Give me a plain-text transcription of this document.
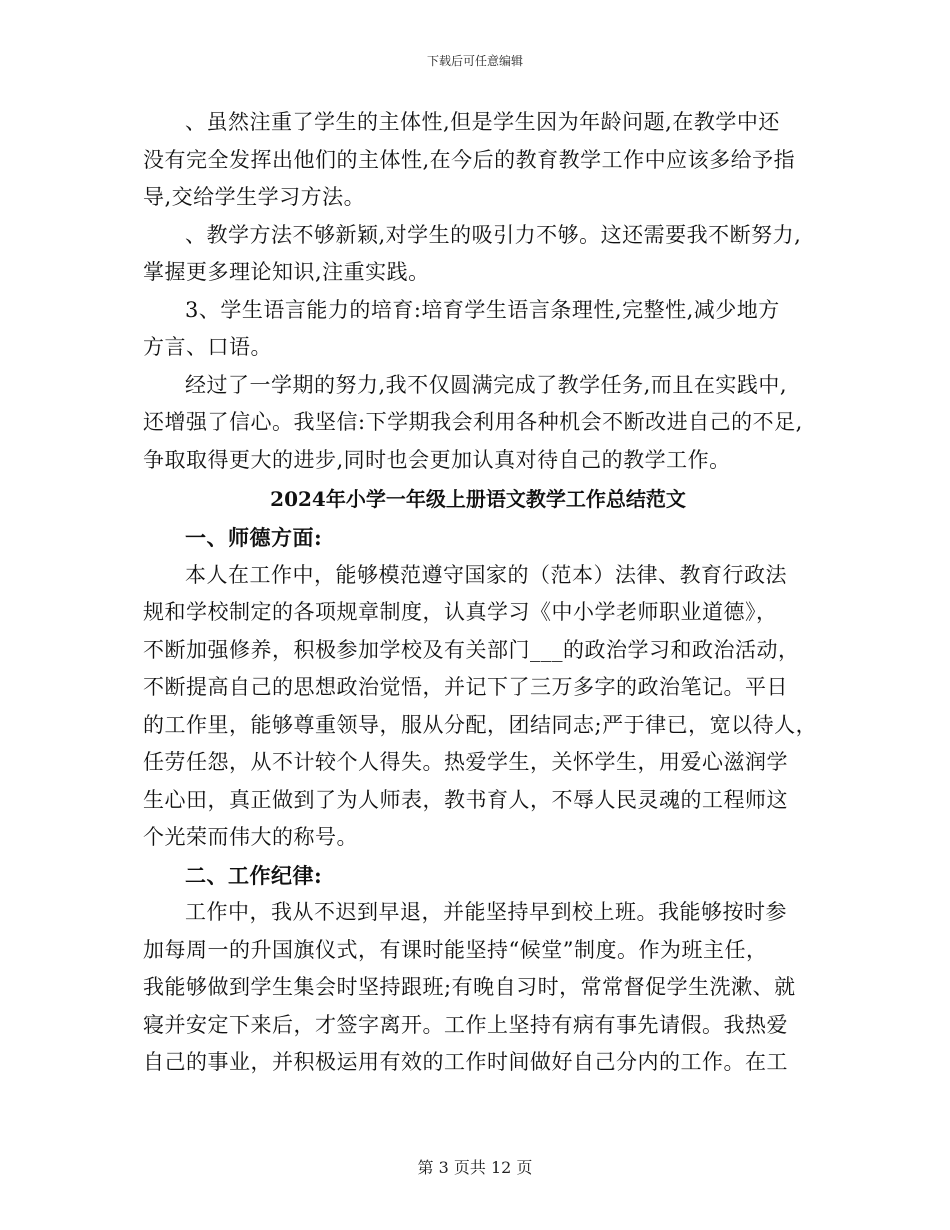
下载后可任意编辑
、虽然注重了学生的主体性,但是学生因为年龄问题,在教学中还
没有完全发挥出他们的主体性,在今后的教育教学工作中应该多给予指
导,交给学生学习方法。
、教学方法不够新颖,对学生的吸引力不够。这还需要我不断努力,
掌握更多理论知识,注重实践。
3、学生语言能力的培育:培育学生语言条理性,完整性,减少地方
方言、口语。
经过了一学期的努力,我不仅圆满完成了教学任务,而且在实践中,
还增强了信心。我坚信:下学期我会利用各种机会不断改进自己的不足,
争取取得更大的进步,同时也会更加认真对待自己的教学工作。
2024年小学一年级上册语文教学工作总结范文
一、师德方面:
本人在工作中，能够模范遵守国家的（范本）法律、教育行政法
规和学校制定的各项规章制度，认真学习《中小学老师职业道德》，
不断加强修养，积极参加学校及有关部门___的政治学习和政治活动，
不断提高自己的思想政治觉悟，并记下了三万多字的政治笔记。平日
的工作里，能够尊重领导，服从分配，团结同志;严于律已，宽以待人，
任劳任怨，从不计较个人得失。热爱学生，关怀学生，用爱心滋润学
生心田，真正做到了为人师表，教书育人，不辱人民灵魂的工程师这
个光荣而伟大的称号。
二、工作纪律:
工作中，我从不迟到早退，并能坚持早到校上班。我能够按时参
加每周一的升国旗仪式，有课时能坚持“候堂”制度。作为班主任，
我能够做到学生集会时坚持跟班;有晚自习时，常常督促学生洗漱、就
寝并安定下来后，才签字离开。工作上坚持有病有事先请假。我热爱
自己的事业，并积极运用有效的工作时间做好自己分内的工作。在工
第 3 页共 12 页
